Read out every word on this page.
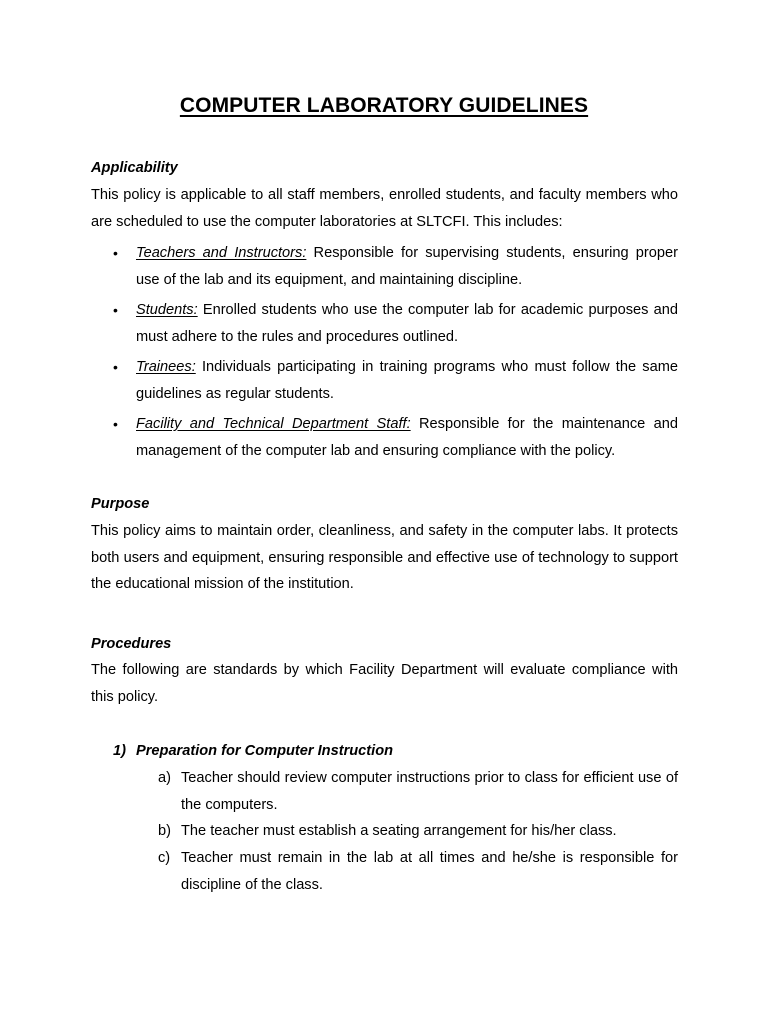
COMPUTER LABORATORY GUIDELINES
Applicability
This policy is applicable to all staff members, enrolled students, and faculty members who are scheduled to use the computer laboratories at SLTCFI. This includes:
• Teachers and Instructors: Responsible for supervising students, ensuring proper use of the lab and its equipment, and maintaining discipline.
• Students: Enrolled students who use the computer lab for academic purposes and must adhere to the rules and procedures outlined.
• Trainees: Individuals participating in training programs who must follow the same guidelines as regular students.
• Facility and Technical Department Staff: Responsible for the maintenance and management of the computer lab and ensuring compliance with the policy.
Purpose
This policy aims to maintain order, cleanliness, and safety in the computer labs. It protects both users and equipment, ensuring responsible and effective use of technology to support the educational mission of the institution.
Procedures
The following are standards by which Facility Department will evaluate compliance with this policy.
1) Preparation for Computer Instruction
a) Teacher should review computer instructions prior to class for efficient use of the computers.
b) The teacher must establish a seating arrangement for his/her class.
c) Teacher must remain in the lab at all times and he/she is responsible for discipline of the class.
